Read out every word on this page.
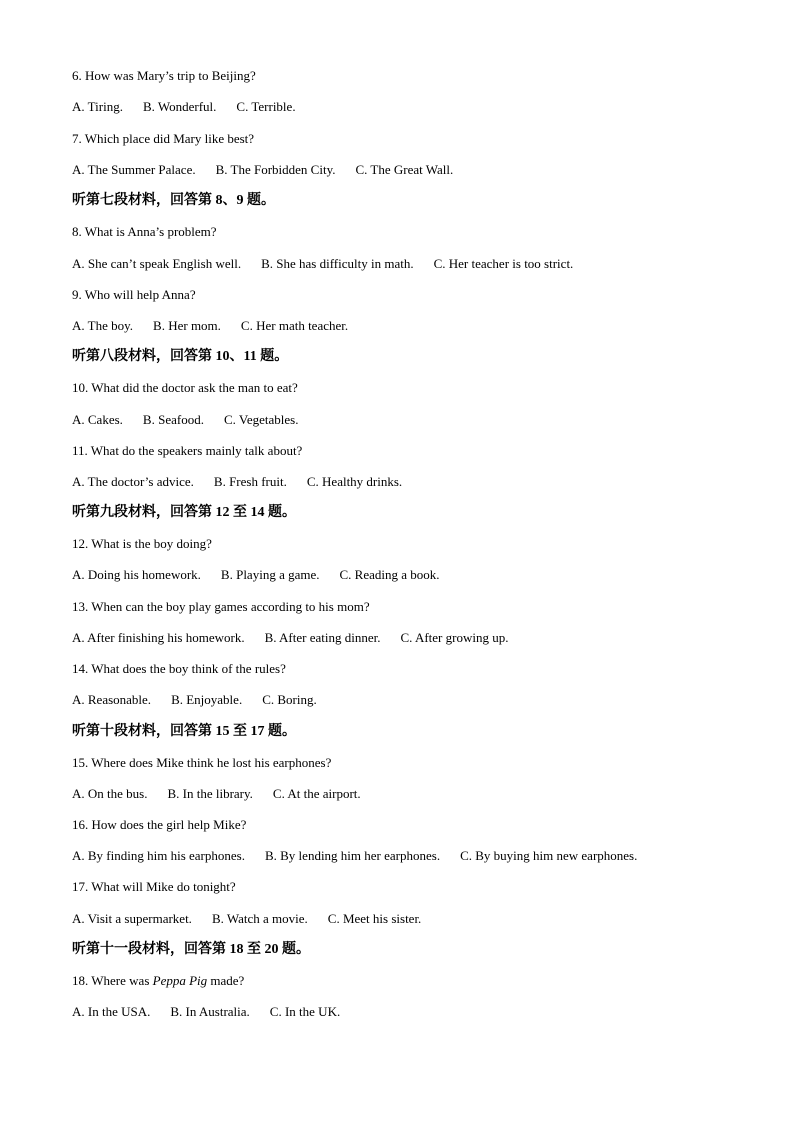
6. How was Mary’s trip to Beijing?
A. Tiring. B. Wonderful. C. Terrible.
7. Which place did Mary like best?
A. The Summer Palace. B. The Forbidden City. C. The Great Wall.
听第七段材料，回答第 8、9 题。
8. What is Anna’s problem?
A. She can’t speak English well. B. She has difficulty in math. C. Her teacher is too strict.
9. Who will help Anna?
A. The boy. B. Her mom. C. Her math teacher.
听第八段材料，回答第 10、11 题。
10. What did the doctor ask the man to eat?
A. Cakes. B. Seafood. C. Vegetables.
11. What do the speakers mainly talk about?
A. The doctor’s advice. B. Fresh fruit. C. Healthy drinks.
听第九段材料，回答第 12 至 14 题。
12. What is the boy doing?
A. Doing his homework. B. Playing a game. C. Reading a book.
13. When can the boy play games according to his mom?
A. After finishing his homework. B. After eating dinner. C. After growing up.
14. What does the boy think of the rules?
A. Reasonable. B. Enjoyable. C. Boring.
听第十段材料，回答第 15 至 17 题。
15. Where does Mike think he lost his earphones?
A. On the bus. B. In the library. C. At the airport.
16. How does the girl help Mike?
A. By finding him his earphones. B. By lending him her earphones. C. By buying him new earphones.
17. What will Mike do tonight?
A. Visit a supermarket. B. Watch a movie. C. Meet his sister.
听第十一段材料，回答第 18 至 20 题。
18. Where was Peppa Pig made?
A. In the USA. B. In Australia. C. In the UK.
